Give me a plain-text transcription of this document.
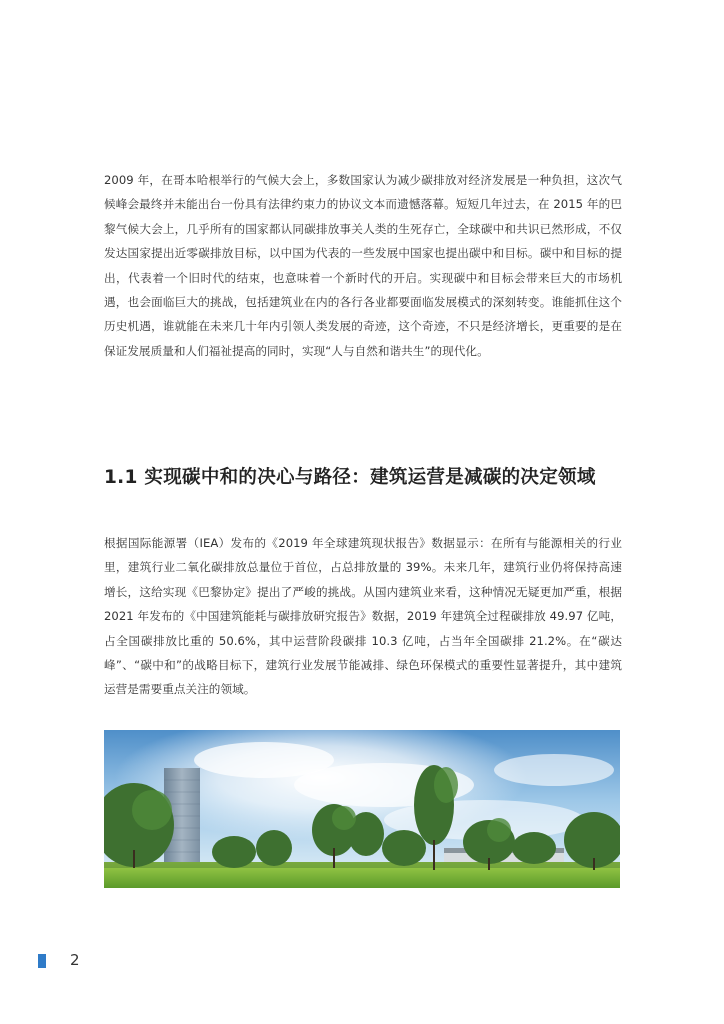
2009 年，在哥本哈根举行的气候大会上，多数国家认为减少碳排放对经济发展是一种负担，这次气候峰会最终并未能出台一份具有法律约束力的协议文本而遗憾落幕。短短几年过去，在 2015 年的巴黎气候大会上，几乎所有的国家都认同碳排放事关人类的生死存亡，全球碳中和共识已然形成，不仅发达国家提出近零碳排放目标，以中国为代表的一些发展中国家也提出碳中和目标。碳中和目标的提出，代表着一个旧时代的结束，也意味着一个新时代的开启。实现碳中和目标会带来巨大的市场机遇，也会面临巨大的挑战，包括建筑业在内的各行各业都要面临发展模式的深刻转变。谁能抓住这个历史机遇，谁就能在未来几十年内引领人类发展的奇迹，这个奇迹，不只是经济增长，更重要的是在保证发展质量和人们福祉提高的同时，实现“人与自然和谐共生”的现代化。

1.1 实现碳中和的决心与路径：建筑运营是减碳的决定领域

根据国际能源署（IEA）发布的《2019 年全球建筑现状报告》数据显示：在所有与能源相关的行业里，建筑行业二氧化碳排放总量位于首位，占总排放量的 39%。未来几年，建筑行业仍将保持高速增长，这给实现《巴黎协定》提出了严峻的挑战。从国内建筑业来看，这种情况无疑更加严重，根据 2021 年发布的《中国建筑能耗与碳排放研究报告》数据，2019 年建筑全过程碳排放 49.97 亿吨，占全国碳排放比重的 50.6%，其中运营阶段碳排 10.3 亿吨，占当年全国碳排 21.2%。在“碳达峰”、“碳中和”的战略目标下，建筑行业发展节能减排、绿色环保模式的重要性显著提升，其中建筑运营是需要重点关注的领域。

2
